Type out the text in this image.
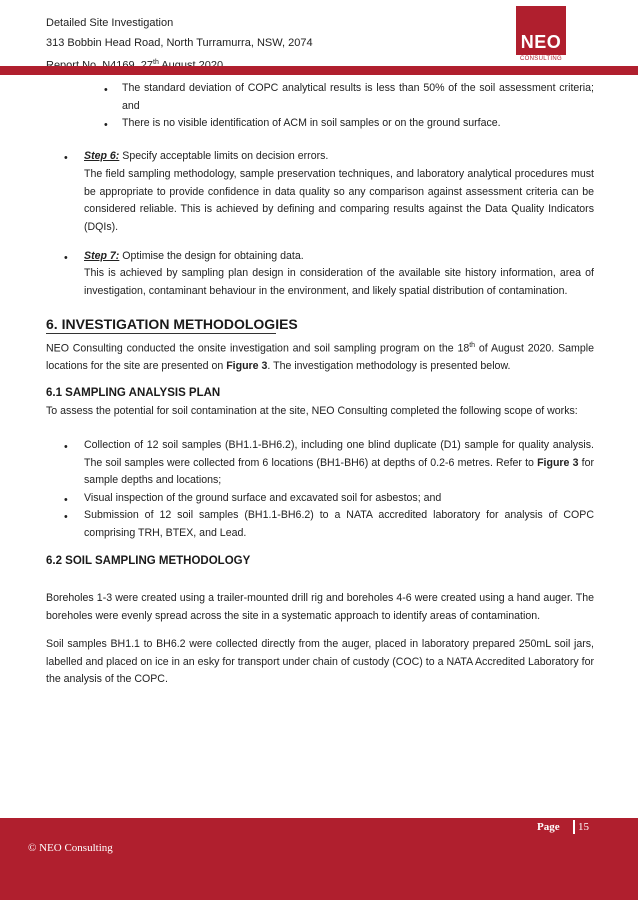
Detailed Site Investigation
313 Bobbin Head Road, North Turramurra, NSW, 2074
$^{th}$
NEO
CONSULTING
• The standard deviation of COPC analytical results is less than 50% of the soil assessment criteria; and
• There is no visible identification of ACM in soil samples or on the ground surface.
• Step 6: Specify acceptable limits on decision errors.
The field sampling methodology, sample preservation techniques, and laboratory analytical procedures must be appropriate to provide confidence in data quality so any comparison against assessment criteria can be considered reliable. This is achieved by defining and comparing results against the Data Quality Indicators (DQIs).
• Step 7: Optimise the design for obtaining data.
This is achieved by sampling plan design in consideration of the available site history information, area of investigation, contaminant behaviour in the environment, and likely spatial distribution of contamination.
6. INVESTIGATION METHODOLOGIES
NEO Consulting conducted the onsite investigation and soil sampling program on the 18th of August 2020. Sample locations for the site are presented on Figure 3. The investigation methodology is presented below.
6.1 SAMPLING ANALYSIS PLAN
To assess the potential for soil contamination at the site, NEO Consulting completed the following scope of works:
• Collection of 12 soil samples (BH1.1-BH6.2), including one blind duplicate (D1) sample for quality analysis. The soil samples were collected from 6 locations (BH1-BH6) at depths of 0.2-6 metres. Refer to Figure 3 for sample depths and locations;
• Visual inspection of the ground surface and excavated soil for asbestos; and
• Submission of 12 soil samples (BH1.1-BH6.2) to a NATA accredited laboratory for analysis of COPC comprising TRH, BTEX, and Lead.
6.2 SOIL SAMPLING METHODOLOGY
Boreholes 1-3 were created using a trailer-mounted drill rig and boreholes 4-6 were created using a hand auger. The boreholes were evenly spread across the site in a systematic approach to identify areas of contamination.
Soil samples BH1.1 to BH6.2 were collected directly from the auger, placed in laboratory prepared 250mL soil jars, labelled and placed on ice in an esky for transport under chain of custody (COC) to a NATA Accredited Laboratory for the analysis of the COPC.
Page 15
© NEO Consulting
